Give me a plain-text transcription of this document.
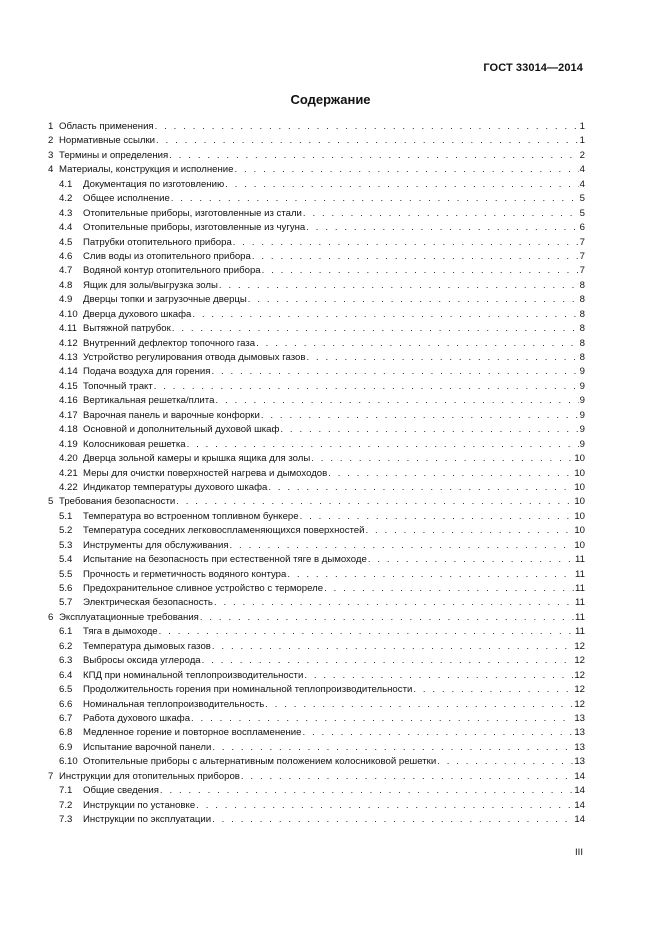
ГОСТ 33014—2014
Содержание
1 Область применения . . .	1
2 Нормативные ссылки . . .	1
3 Термины и определения . . .	2
4 Материалы, конструкция и исполнение . . .	4
4.1	Документация по изготовлению . . .	4
4.2	Общее исполнение . . .	5
4.3	Отопительные приборы, изготовленные из стали . . .	5
4.4	Отопительные приборы, изготовленные из чугуна . . .	6
4.5	Патрубки отопительного прибора . . .	7
4.6	Слив воды из отопительного прибора . . .	7
4.7	Водяной контур отопительного прибора . . .	7
4.8	Ящик для золы/выгрузка золы . . .	8
4.9	Дверцы топки и загрузочные дверцы . . .	8
4.10 Дверца духового шкафа . . .	8
4.11 Вытяжной патрубок . . .	8
4.12 Внутренний дефлектор топочного газа . . .	8
4.13 Устройство регулирования отвода дымовых газов . . .	8
4.14 Подача воздуха для горения . . .	9
4.15 Топочный тракт . . .	9
4.16 Вертикальная решетка/плита . . .	9
4.17 Варочная панель и варочные конфорки . . .	9
4.18 Основной и дополнительный духовой шкаф . . .	9
4.19 Колосниковая решетка . . .	9
4.20 Дверца зольной камеры и крышка ящика для золы . . .	10
4.21 Меры для очистки поверхностей нагрева и дымоходов . . .	10
4.22 Индикатор температуры духового шкафа . . .	10
5 Требования безопасности . . .	10
5.1	Температура во встроенном топливном бункере . . .	10
5.2	Температура соседних легковоспламеняющихся поверхностей . . .	10
5.3	Инструменты для обслуживания . . .	10
5.4	Испытание на безопасность при естественной тяге в дымоходе . . .	11
5.5	Прочность и герметичность водяного контура . . .	11
5.6	Предохранительное сливное устройство с термореле . . .	11
5.7	Электрическая безопасность . . .	11
6 Эксплуатационные требования . . .	11
6.1	Тяга в дымоходе . . .	11
6.2	Температура дымовых газов . . .	12
6.3	Выбросы оксида углерода . . .	12
6.4	КПД при номинальной теплопроизводительности . . .	12
6.5	Продолжительность горения при номинальной теплопроизводительности . . .	12
6.6	Номинальная теплопроизводительность . . .	12
6.7	Работа духового шкафа . . .	13
6.8	Медленное горение и повторное воспламенение . . .	13
6.9	Испытание варочной панели . . .	13
6.10 Отопительные приборы с альтернативным положением колосниковой решетки . . .	13
7 Инструкции для отопительных приборов . . .	14
7.1	Общие сведения . . .	14
7.2	Инструкции по установке . . .	14
7.3	Инструкции по эксплуатации . . .	14
III
